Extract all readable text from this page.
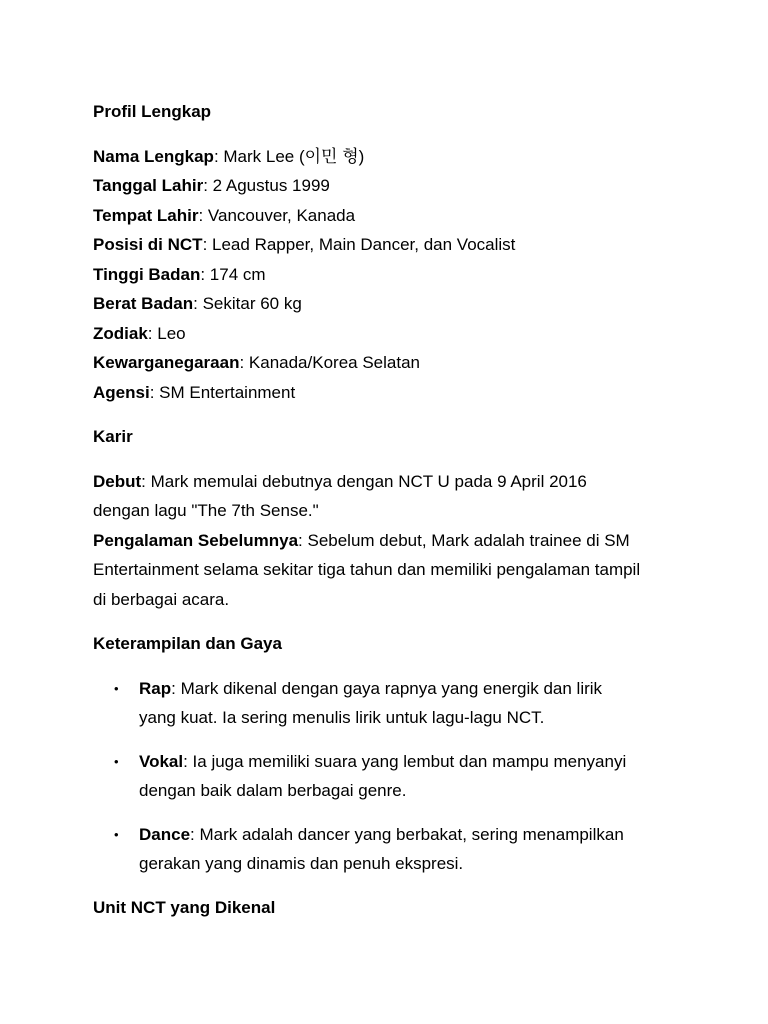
Profil Lengkap

Nama Lengkap: Mark Lee (이민 형)

Tanggal Lahir: 2 Agustus 1999

Tempat Lahir: Vancouver, Kanada

Posisi di NCT: Lead Rapper, Main Dancer, dan Vocalist

Tinggi Badan: 174 cm

Berat Badan: Sekitar 60 kg

Zodiak: Leo

Kewarganegaraan: Kanada/Korea Selatan

Agensi: SM Entertainment

Karir

Debut: Mark memulai debutnya dengan NCT U pada 9 April 2016

dengan lagu "The 7th Sense."

Pengalaman Sebelumnya: Sebelum debut, Mark adalah trainee di SM

Entertainment selama sekitar tiga tahun dan memiliki pengalaman tampil

di berbagai acara.

Keterampilan dan Gaya

• Rap: Mark dikenal dengan gaya rapnya yang energik dan lirik
yang kuat. Ia sering menulis lirik untuk lagu-lagu NCT.
• Vokal: Ia juga memiliki suara yang lembut dan mampu menyanyi
dengan baik dalam berbagai genre.
• Dance: Mark adalah dancer yang berbakat, sering menampilkan
gerakan yang dinamis dan penuh ekspresi.

Unit NCT yang Dikenal
